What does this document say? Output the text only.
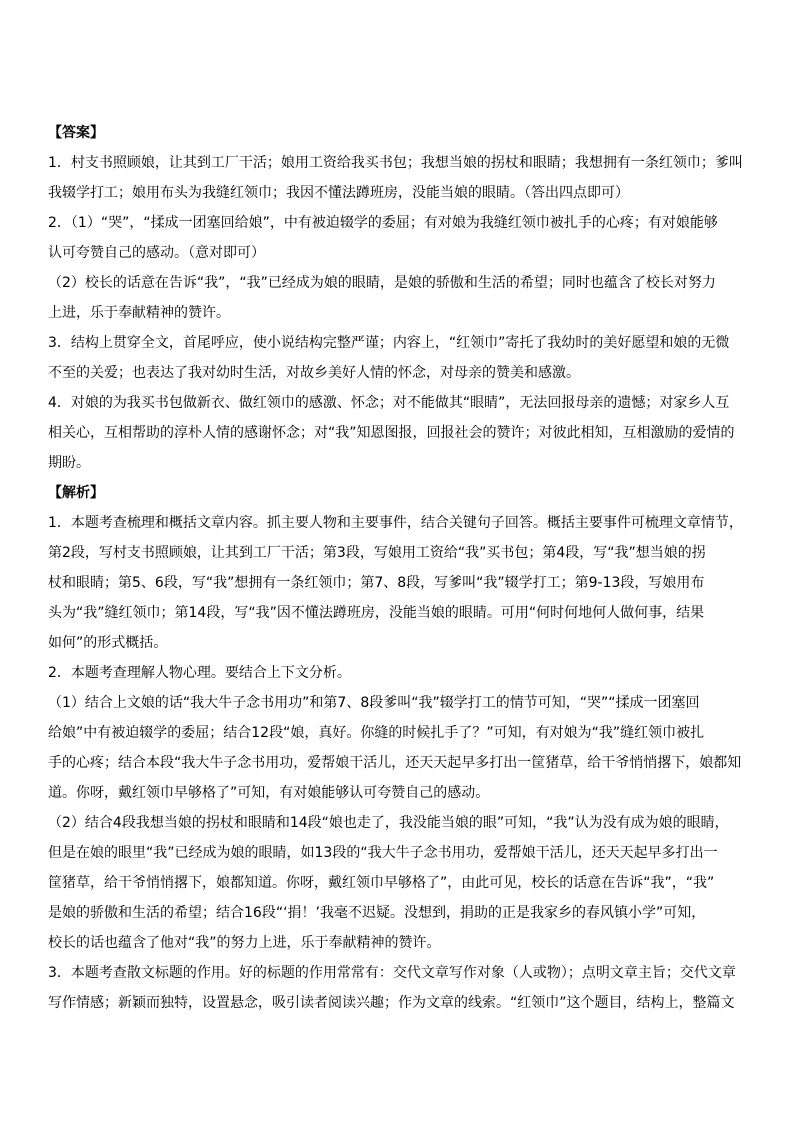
【答案】
1．村支书照顾娘，让其到工厂干活；娘用工资给我买书包；我想当娘的拐杖和眼睛；我想拥有一条红领巾；爹叫
我辍学打工；娘用布头为我缝红领巾；我因不懂法蹲班房，没能当娘的眼睛。（答出四点即可）
2．（1）“哭”，“揉成一团塞回给娘”，中有被迫辍学的委屈；有对娘为我缝红领巾被扎手的心疼；有对娘能够
认可夸赞自己的感动。（意对即可）
（2）校长的话意在告诉“我”，“我”已经成为娘的眼睛，是娘的骄傲和生活的希望；同时也蕴含了校长对努力
上进，乐于奉献精神的赞许。
3．结构上贯穿全文，首尾呼应，使小说结构完整严谨；内容上，“红领巾”寄托了我幼时的美好愿望和娘的无微
不至的关爱；也表达了我对幼时生活，对故乡美好人情的怀念，对母亲的赞美和感激。
4．对娘的为我买书包做新衣、做红领巾的感激、怀念；对不能做其“眼睛”，无法回报母亲的遗憾；对家乡人互
相关心，互相帮助的淳朴人情的感谢怀念；对“我”知恩图报，回报社会的赞许；对彼此相知，互相激励的爱情的
期盼。
【解析】
1．本题考查梳理和概括文章内容。抓主要人物和主要事件，结合关键句子回答。概括主要事件可梳理文章情节，
第2段，写村支书照顾娘，让其到工厂干活；第3段，写娘用工资给“我”买书包；第4段，写“我”想当娘的拐
杖和眼睛；第5、6段，写“我”想拥有一条红领巾；第7、8段，写爹叫“我”辍学打工；第9-13段，写娘用布
头为“我”缝红领巾；第14段，写“我”因不懂法蹲班房，没能当娘的眼睛。可用“何时何地何人做何事，结果
如何”的形式概括。
2．本题考查理解人物心理。要结合上下文分析。
（1）结合上文娘的话“我大牛子念书用功”和第7、8段爹叫“我”辍学打工的情节可知，“哭”“揉成一团塞回
给娘”中有被迫辍学的委屈；结合12段“娘，真好。你缝的时候扎手了？”可知，有对娘为“我”缝红领巾被扎
手的心疼；结合本段“我大牛子念书用功，爱帮娘干活儿，还天天起早多打出一筐猪草，给干爷悄悄撂下，娘都知
道。你呀，戴红领巾早够格了”可知，有对娘能够认可夸赞自己的感动。
（2）结合4段我想当娘的拐杖和眼睛和14段“娘也走了，我没能当娘的眼”可知，“我”认为没有成为娘的眼睛，
但是在娘的眼里“我”已经成为娘的眼睛，如13段的“我大牛子念书用功，爱帮娘干活儿，还天天起早多打出一
筐猪草，给干爷悄悄撂下，娘都知道。你呀，戴红领巾早够格了”，由此可见，校长的话意在告诉“我”，“我”
是娘的骄傲和生活的希望；结合16段“‘捐！’我毫不迟疑。没想到，捐助的正是我家乡的春风镇小学”可知，
校长的话也蕴含了他对“我”的努力上进，乐于奉献精神的赞许。
3．本题考查散文标题的作用。好的标题的作用常常有：交代文章写作对象（人或物）；点明文章主旨；交代文章
写作情感；新颖而独特，设置悬念，吸引读者阅读兴趣；作为文章的线索。“红领巾”这个题目，结构上，整篇文
